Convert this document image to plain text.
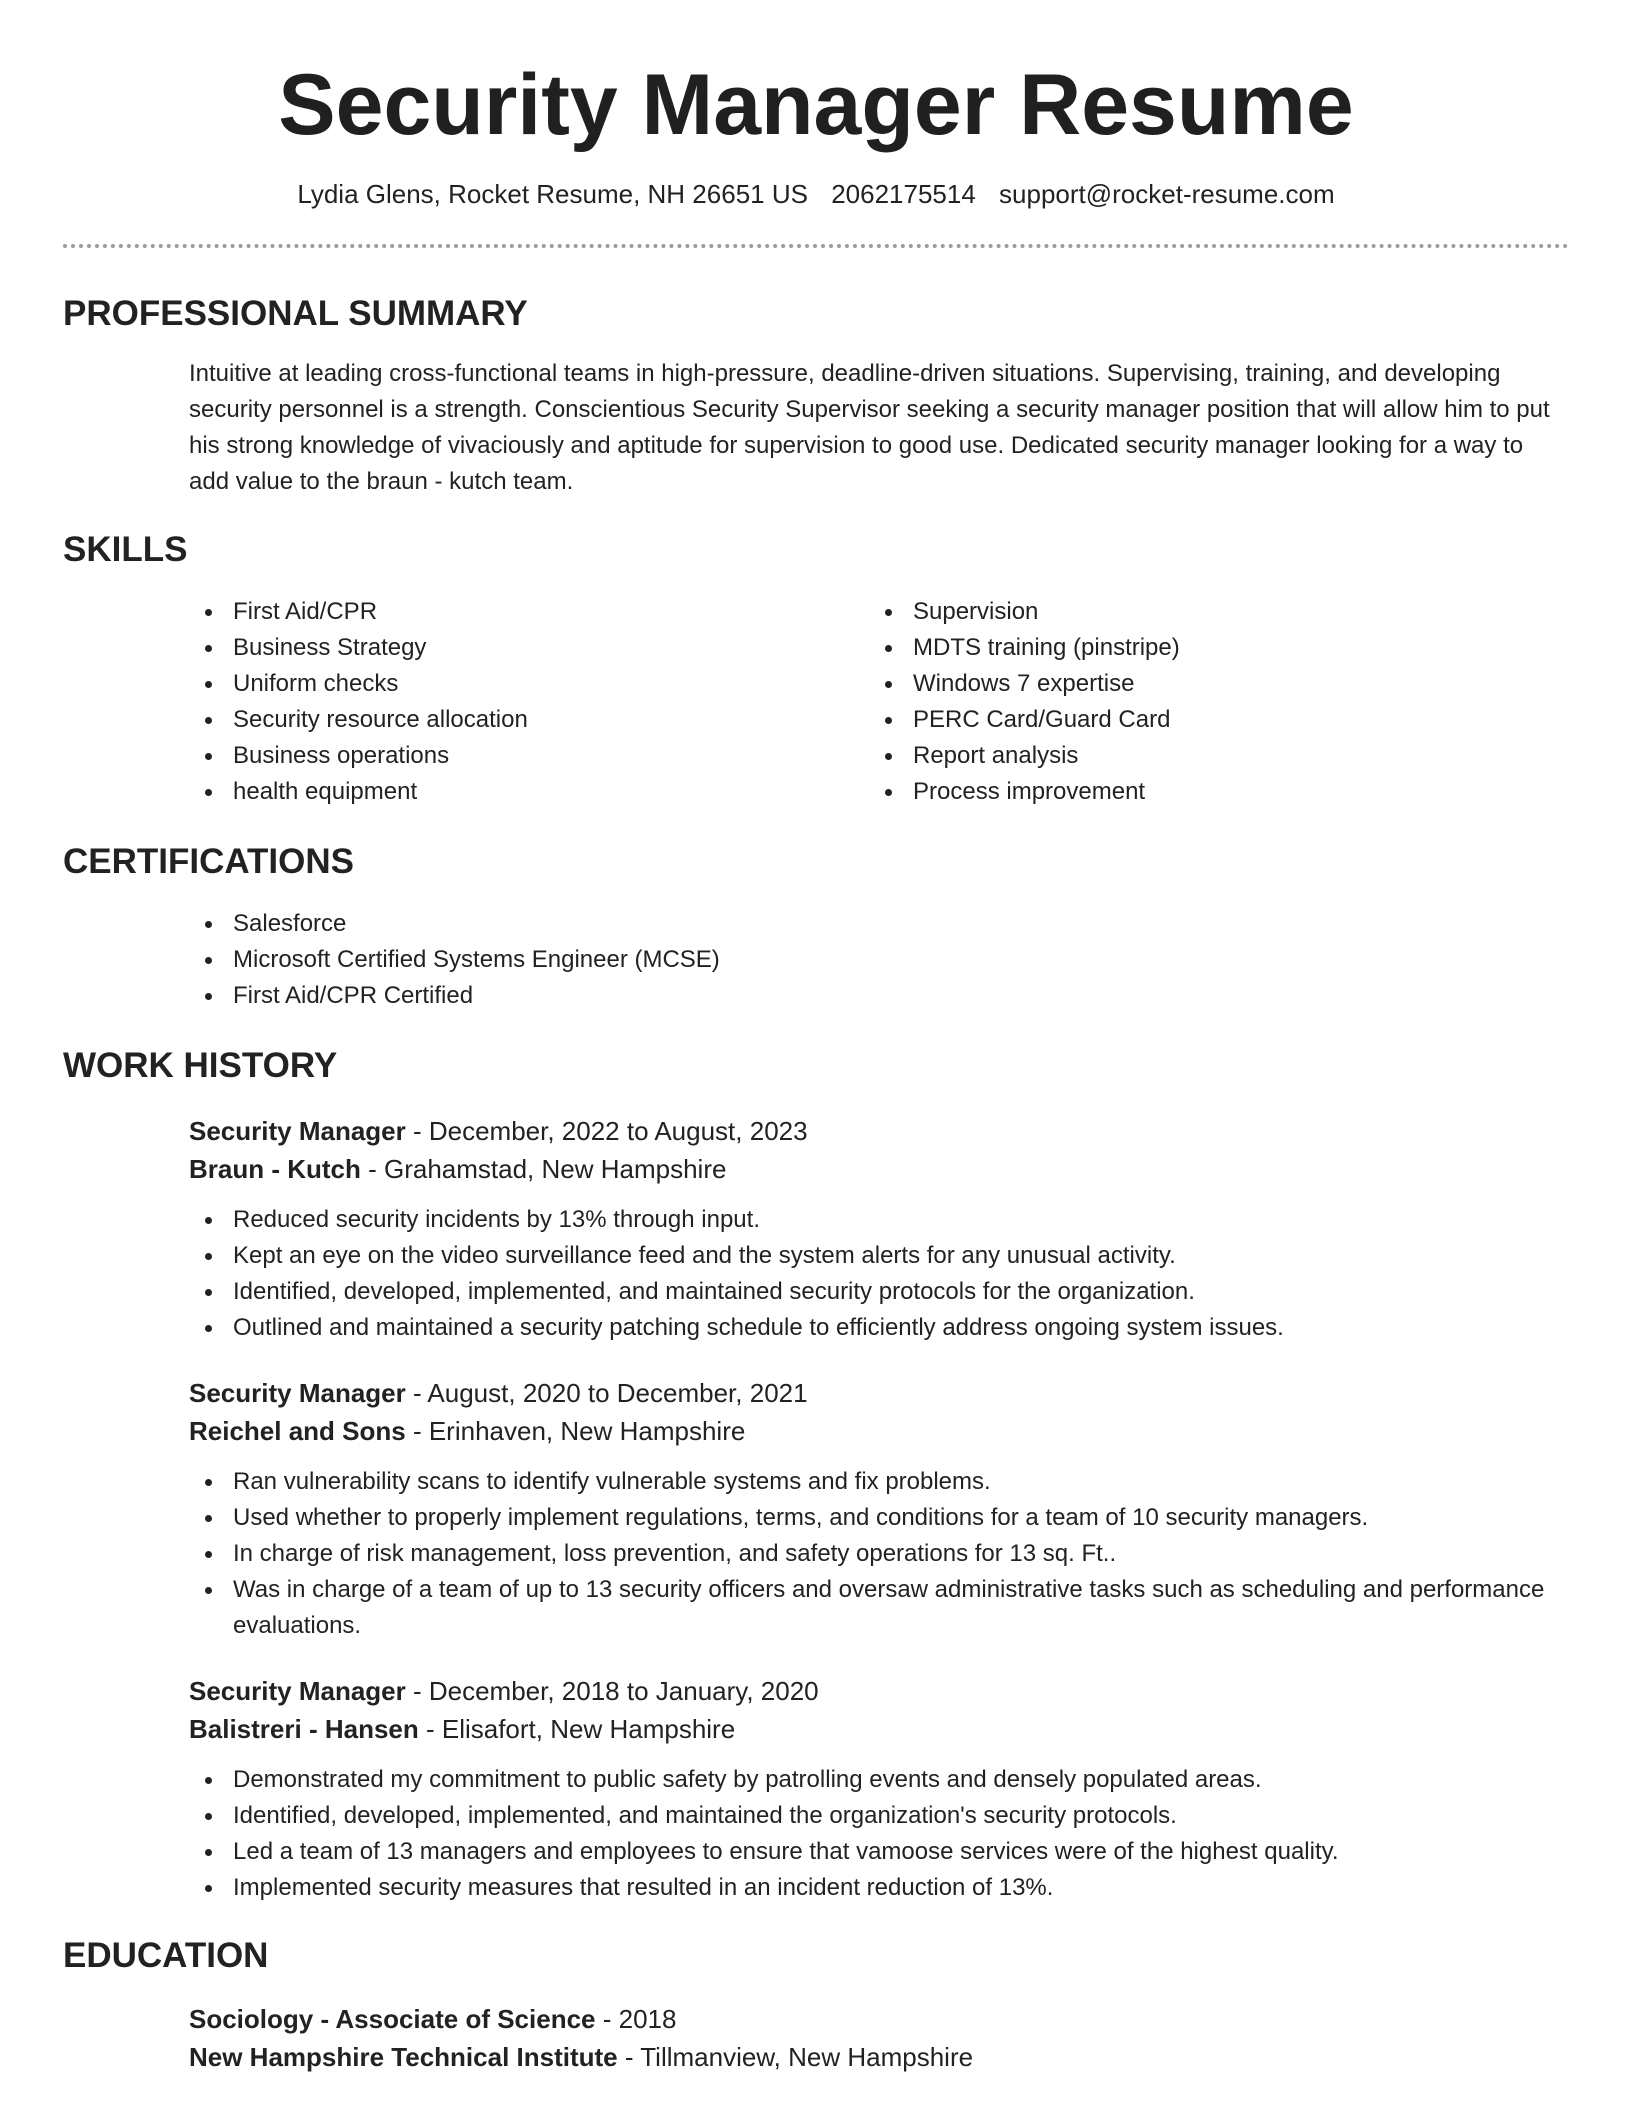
Security Manager Resume
Lydia Glens, Rocket Resume, NH 26651 US 2062175514 support@rocket-resume.com
PROFESSIONAL SUMMARY

Intuitive at leading cross-functional teams in high-pressure, deadline-driven situations. Supervising, training, and developing security personnel is a strength. Conscientious Security Supervisor seeking a security manager position that will allow him to put his strong knowledge of vivaciously and aptitude for supervision to good use. Dedicated security manager looking for a way to add value to the braun - kutch team.

SKILLS
First Aid/CPR
Business Strategy
Uniform checks
Security resource allocation
Business operations
health equipment
Supervision
MDTS training (pinstripe)
Windows 7 expertise
PERC Card/Guard Card
Report analysis
Process improvement
CERTIFICATIONS
Salesforce
Microsoft Certified Systems Engineer (MCSE)
First Aid/CPR Certified
WORK HISTORY
Security Manager - December, 2022 to August, 2023
Braun - Kutch - Grahamstad, New Hampshire
Reduced security incidents by 13% through input.
Kept an eye on the video surveillance feed and the system alerts for any unusual activity.
Identified, developed, implemented, and maintained security protocols for the organization.
Outlined and maintained a security patching schedule to efficiently address ongoing system issues.
Security Manager - August, 2020 to December, 2021
Reichel and Sons - Erinhaven, New Hampshire
Ran vulnerability scans to identify vulnerable systems and fix problems.
Used whether to properly implement regulations, terms, and conditions for a team of 10 security managers.
In charge of risk management, loss prevention, and safety operations for 13 sq. Ft..
Was in charge of a team of up to 13 security officers and oversaw administrative tasks such as scheduling and performance evaluations.
Security Manager - December, 2018 to January, 2020
Balistreri - Hansen - Elisafort, New Hampshire
Demonstrated my commitment to public safety by patrolling events and densely populated areas.
Identified, developed, implemented, and maintained the organization's security protocols.
Led a team of 13 managers and employees to ensure that vamoose services were of the highest quality.
Implemented security measures that resulted in an incident reduction of 13%.
EDUCATION
Sociology - Associate of Science - 2018
New Hampshire Technical Institute - Tillmanview, New Hampshire
